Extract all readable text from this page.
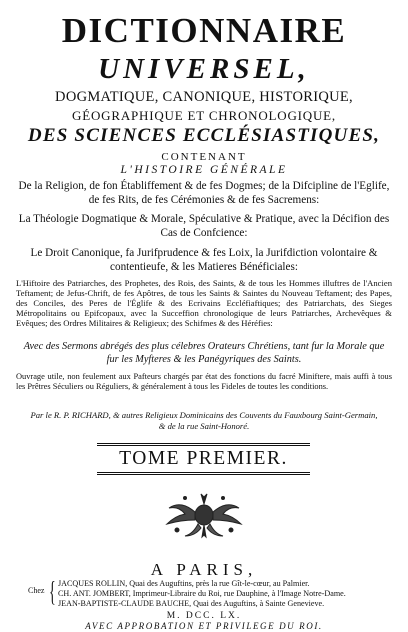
DICTIONNAIRE
UNIVERSEL,
DOGMATIQUE, CANONIQUE, HISTORIQUE,
GÉOGRAPHIQUE ET CHRONOLOGIQUE,
DES SCIENCES ECCLÉSIASTIQUES,
CONTENANT
L'HISTOIRE GÉNÉRALE
De la Religion, de fon Établiffement & de fes Dogmes; de la Difcipline de l'Eglife, de fes Rits, de fes Cérémonies & de fes Sacremens:
La Théologie Dogmatique & Morale, Spéculative & Pratique, avec la Décifion des Cas de Confcience:
Le Droit Canonique, fa Jurifprudence & fes Loix, la Jurifdiction volontaire & contentieufe, & les Matieres Bénéficiales:
L'Hiftoire des Patriarches, des Prophetes, des Rois, des Saints, & de tous les Hommes illuftres de l'Ancien Teftament; de Jefus-Chrift, de fes Apôtres, de tous les Saints & Saintes du Nouveau Teftament; des Papes, des Conciles, des Peres de l'Églife & des Ecrivains Eccléfiaftiques; des Patriarchats, des Sieges Métropolitains ou Epifcopaux, avec la Succeffion chronologique de leurs Patriarches, Archevêques & Evêques; des Ordres Militaires & Religieux; des Schifmes & des Héréfies:
Avec des Sermons abrégés des plus célebres Orateurs Chrétiens, tant fur la Morale que fur les Myfteres & les Panégyriques des Saints.
Ouvrage utile, non feulement aux Pafteurs chargés par état des fonctions du facré Miniftere, mais auffi à tous les Prêtres Séculiers ou Réguliers, & généralement à tous les Fideles de toutes les conditions.
Par le R. P. RICHARD, & autres Religieux Dominicains des Couvents du Fauxbourg Saint-Germain, & de la rue Saint-Honoré.
TOME PREMIER.
A PARIS,
Chez { JACQUES ROLLIN, Quai des Auguftins, près la rue Gît-le-cœur, au Palmier.
CH. ANT. JOMBERT, Imprimeur-Libraire du Roi, rue Dauphine, à l'Image Notre-Dame.
JEAN-BAPTISTE-CLAUDE BAUCHE, Quai des Auguftins, à Sainte Genevieve.
M. DCC. LX.
AVEC APPROBATION ET PRIVILEGE DU ROI.
